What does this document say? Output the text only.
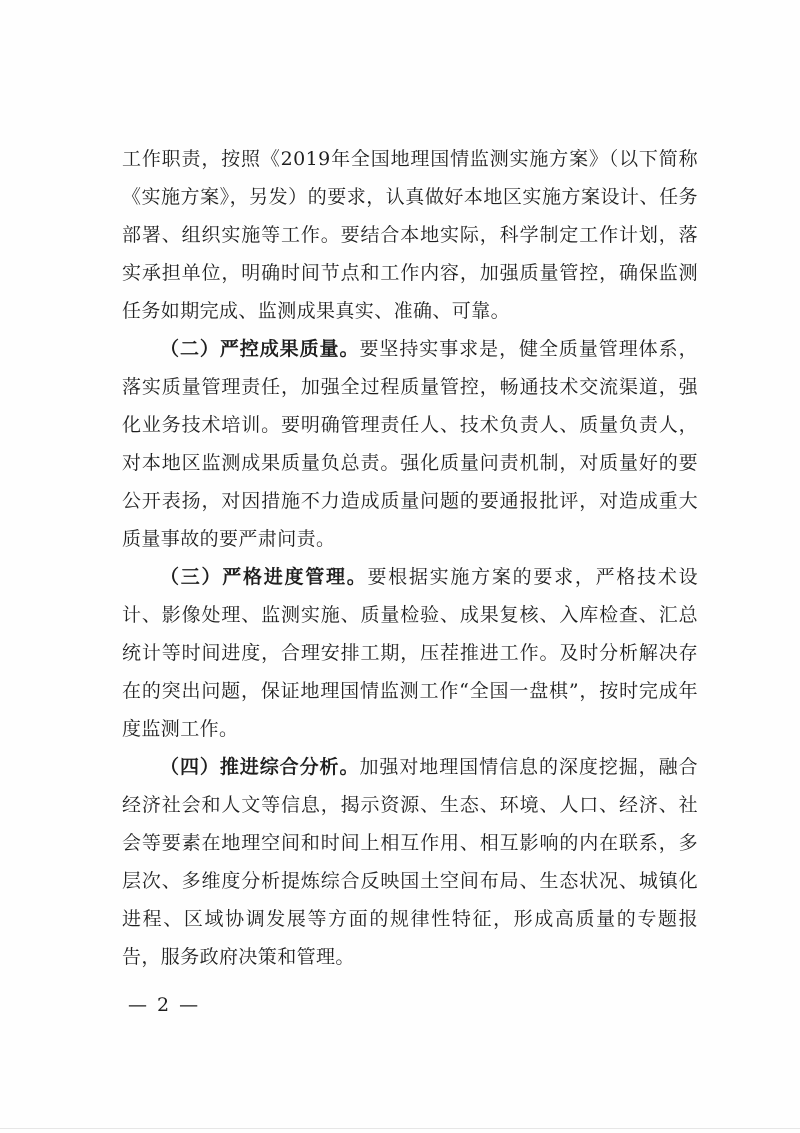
工作职责，按照《2019年全国地理国情监测实施方案》（以下简称《实施方案》，另发）的要求，认真做好本地区实施方案设计、任务部署、组织实施等工作。要结合本地实际，科学制定工作计划，落实承担单位，明确时间节点和工作内容，加强质量管控，确保监测任务如期完成、监测成果真实、准确、可靠。

（二）严控成果质量。要坚持实事求是，健全质量管理体系，落实质量管理责任，加强全过程质量管控，畅通技术交流渠道，强化业务技术培训。要明确管理责任人、技术负责人、质量负责人，对本地区监测成果质量负总责。强化质量问责机制，对质量好的要公开表扬，对因措施不力造成质量问题的要通报批评，对造成重大质量事故的要严肃问责。

（三）严格进度管理。要根据实施方案的要求，严格技术设计、影像处理、监测实施、质量检验、成果复核、入库检查、汇总统计等时间进度，合理安排工期，压茬推进工作。及时分析解决存在的突出问题，保证地理国情监测工作“全国一盘棋”，按时完成年度监测工作。

（四）推进综合分析。加强对地理国情信息的深度挖掘，融合经济社会和人文等信息，揭示资源、生态、环境、人口、经济、社会等要素在地理空间和时间上相互作用、相互影响的内在联系，多层次、多维度分析提炼综合反映国土空间布局、生态状况、城镇化进程、区域协调发展等方面的规律性特征，形成高质量的专题报告，服务政府决策和管理。

— 2 —
